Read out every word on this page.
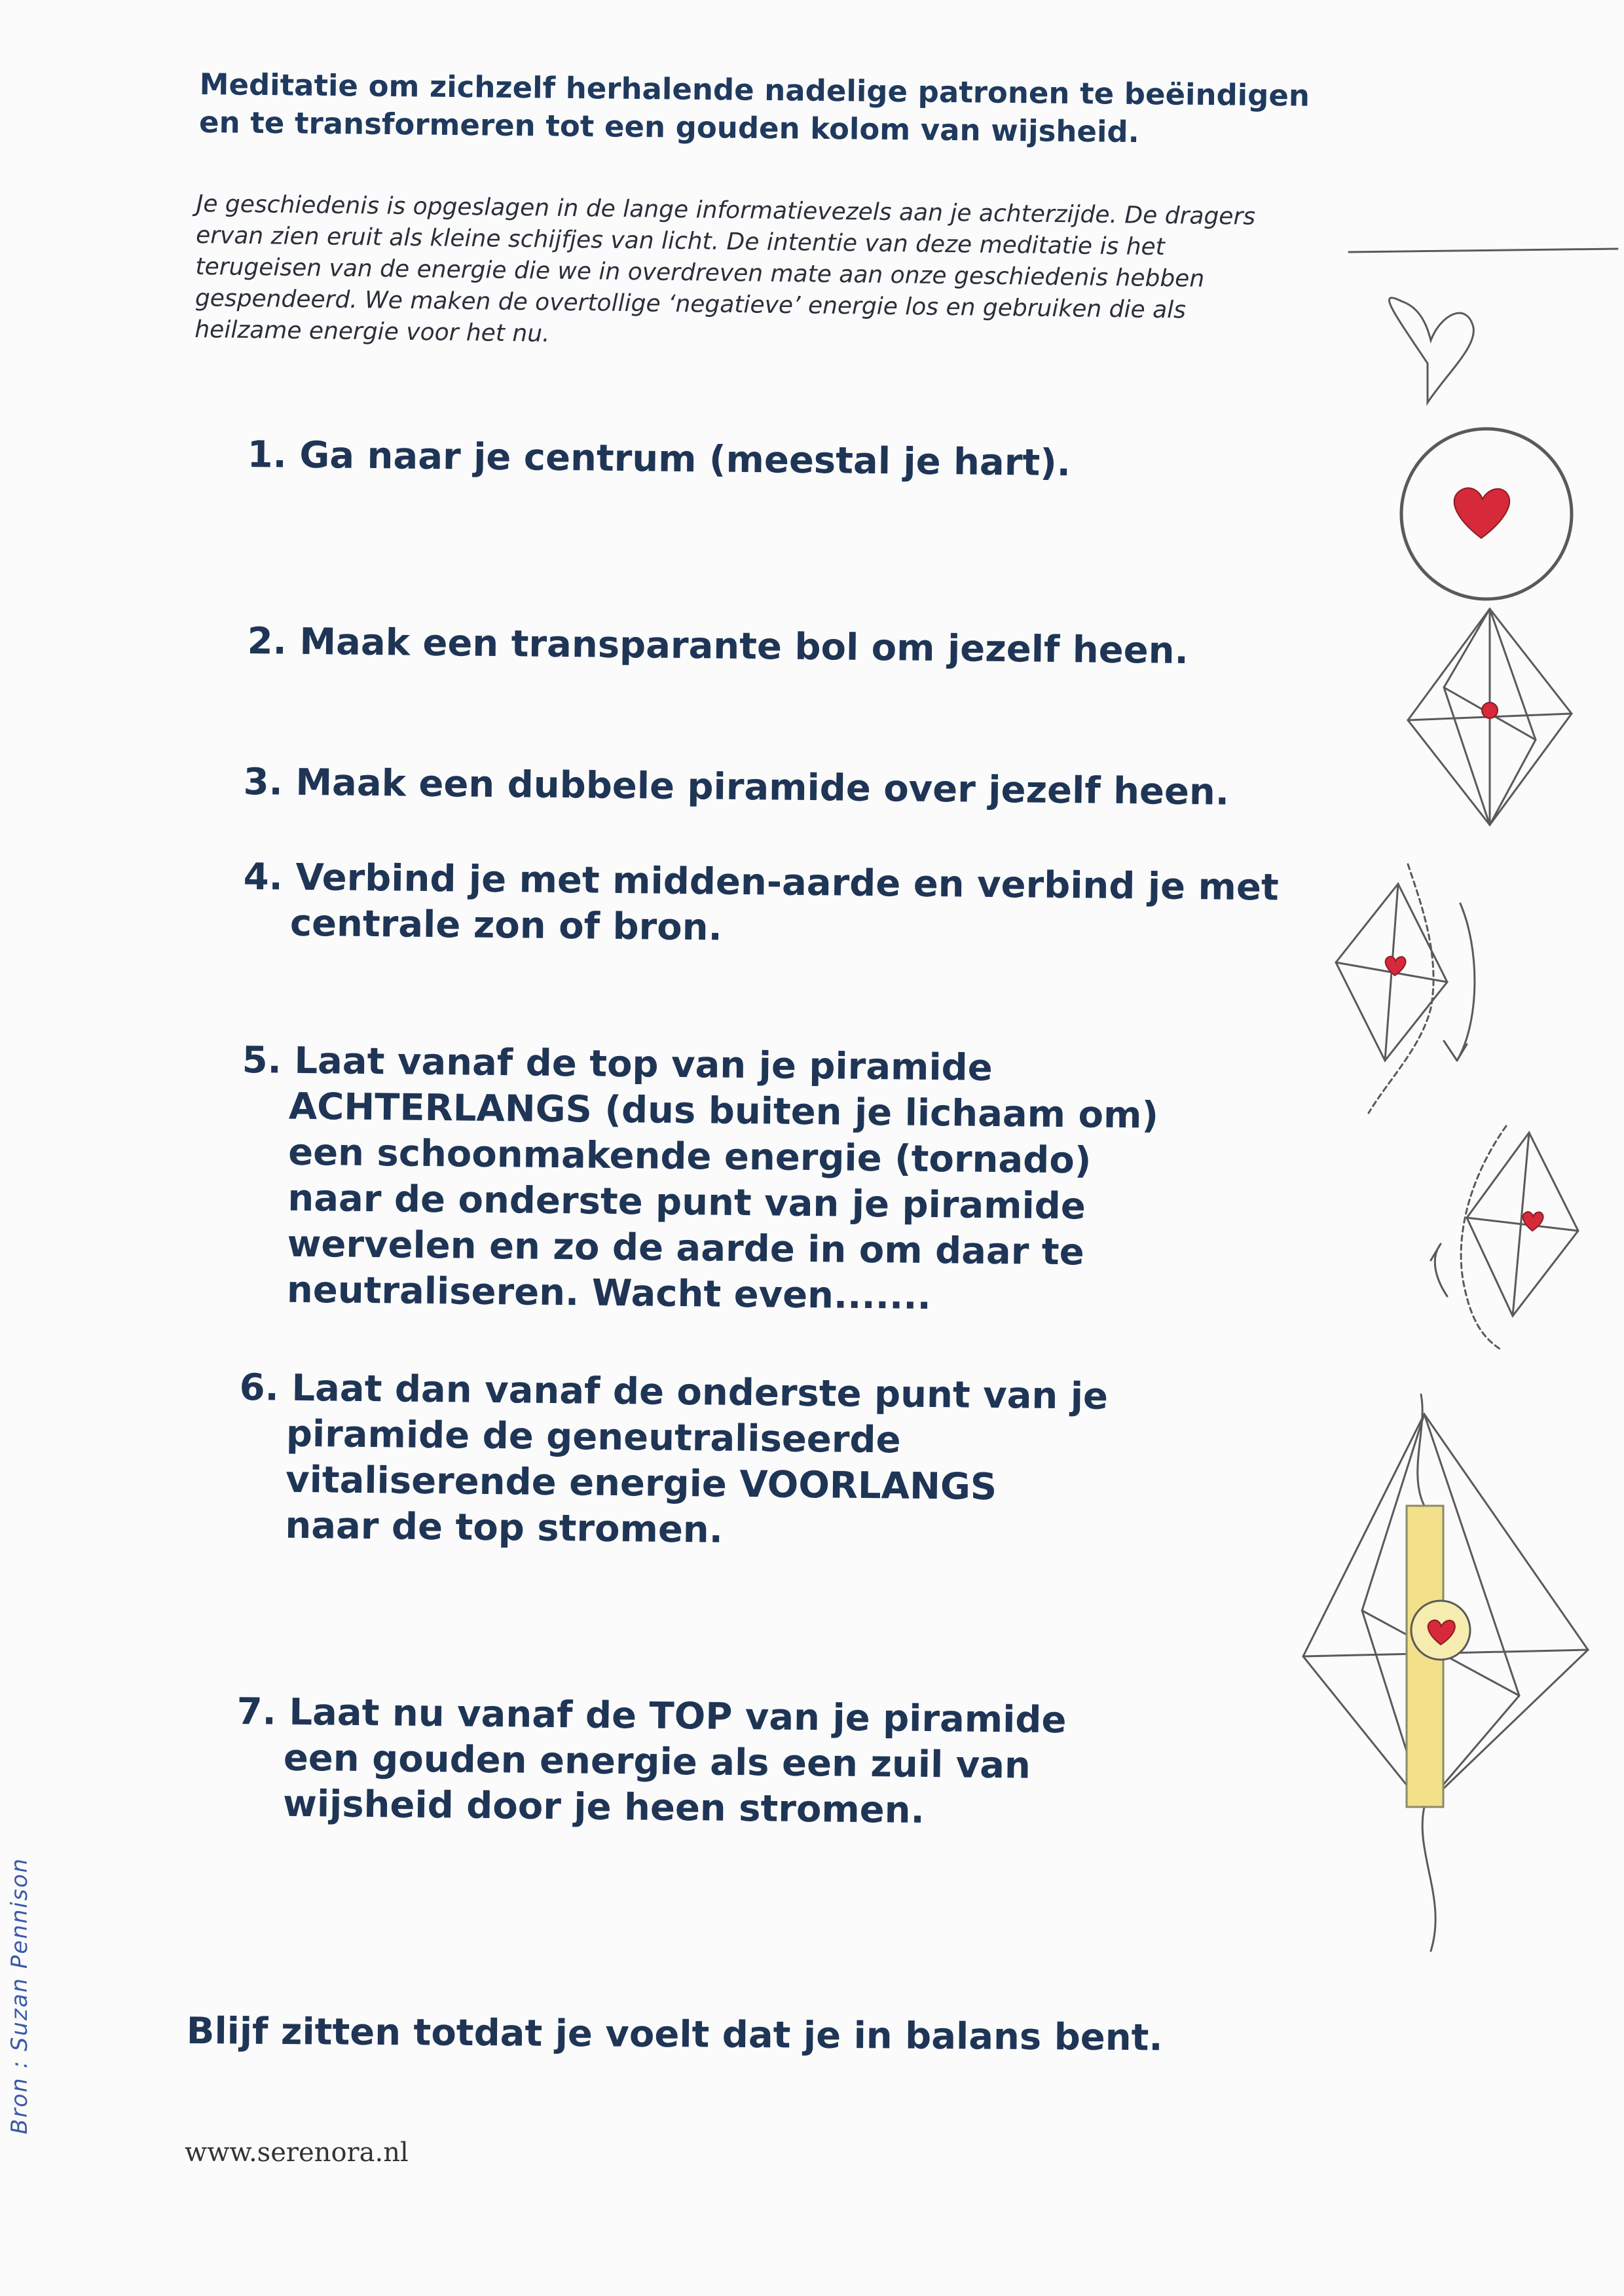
Meditatie om zichzelf herhalende nadelige patronen te beëindigen
en te transformeren tot een gouden kolom van wijsheid.
Je geschiedenis is opgeslagen in de lange informatievezels aan je achterzijde. De dragers
ervan zien eruit als kleine schijfjes van licht. De intentie van deze meditatie is het
terugeisen van de energie die we in overdreven mate aan onze geschiedenis hebben
gespendeerd. We maken de overtollige ‘negatieve’ energie los en gebruiken die als
heilzame energie voor het nu.
1. Ga naar je centrum (meestal je hart).
2. Maak een transparante bol om jezelf heen.
3. Maak een dubbele piramide over jezelf heen.
4. Verbind je met midden-aarde en verbind je met
centrale zon of bron.
5. Laat vanaf de top van je piramide
ACHTERLANGS (dus buiten je lichaam om)
een schoonmakende energie (tornado)
naar de onderste punt van je piramide
wervelen en zo de aarde in om daar te
neutraliseren. Wacht even.......
6. Laat dan vanaf de onderste punt van je
piramide de geneutraliseerde
vitaliserende energie VOORLANGS
naar de top stromen.
7. Laat nu vanaf de TOP van je piramide
een gouden energie als een zuil van
wijsheid door je heen stromen.
Blijf zitten totdat je voelt dat je in balans bent.
www.serenora.nl
Bron : Suzan Pennison
